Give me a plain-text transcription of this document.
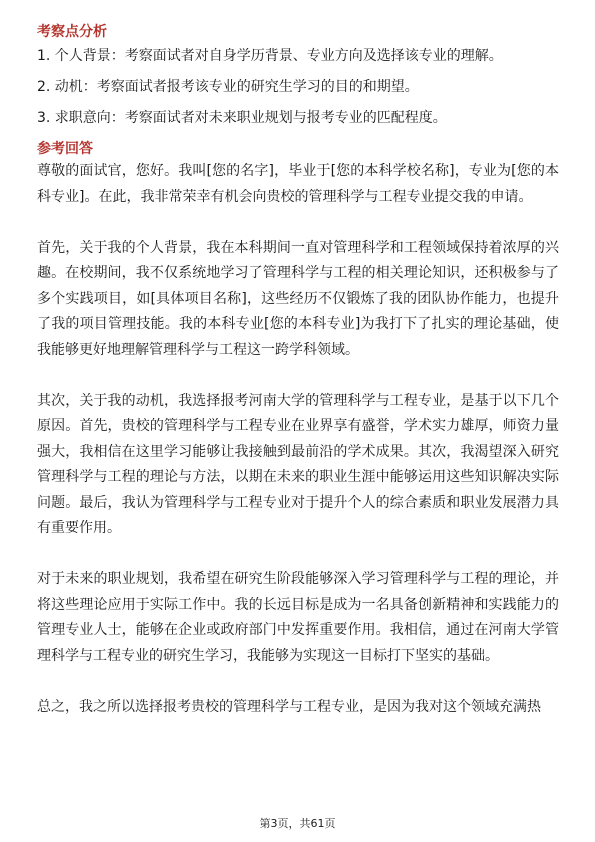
考察点分析
1. 个人背景：考察面试者对自身学历背景、专业方向及选择该专业的理解。
2. 动机：考察面试者报考该专业的研究生学习的目的和期望。
3. 求职意向：考察面试者对未来职业规划与报考专业的匹配程度。
参考回答

尊敬的面试官，您好。我叫[您的名字]，毕业于[您的本科学校名称]，专业为[您的本科专业]。在此，我非常荣幸有机会向贵校的管理科学与工程专业提交我的申请。

首先，关于我的个人背景，我在本科期间一直对管理科学和工程领域保持着浓厚的兴趣。在校期间，我不仅系统地学习了管理科学与工程的相关理论知识，还积极参与了多个实践项目，如[具体项目名称]，这些经历不仅锻炼了我的团队协作能力，也提升了我的项目管理技能。我的本科专业[您的本科专业]为我打下了扎实的理论基础，使我能够更好地理解管理科学与工程这一跨学科领域。

其次，关于我的动机，我选择报考河南大学的管理科学与工程专业，是基于以下几个原因。首先，贵校的管理科学与工程专业在业界享有盛誉，学术实力雄厚，师资力量强大，我相信在这里学习能够让我接触到最前沿的学术成果。其次，我渴望深入研究管理科学与工程的理论与方法，以期在未来的职业生涯中能够运用这些知识解决实际问题。最后，我认为管理科学与工程专业对于提升个人的综合素质和职业发展潜力具有重要作用。

对于未来的职业规划，我希望在研究生阶段能够深入学习管理科学与工程的理论，并将这些理论应用于实际工作中。我的长远目标是成为一名具备创新精神和实践能力的管理专业人士，能够在企业或政府部门中发挥重要作用。我相信，通过在河南大学管理科学与工程专业的研究生学习，我能够为实现这一目标打下坚实的基础。

总之，我之所以选择报考贵校的管理科学与工程专业，是因为我对这个领域充满热

第3页，共61页
